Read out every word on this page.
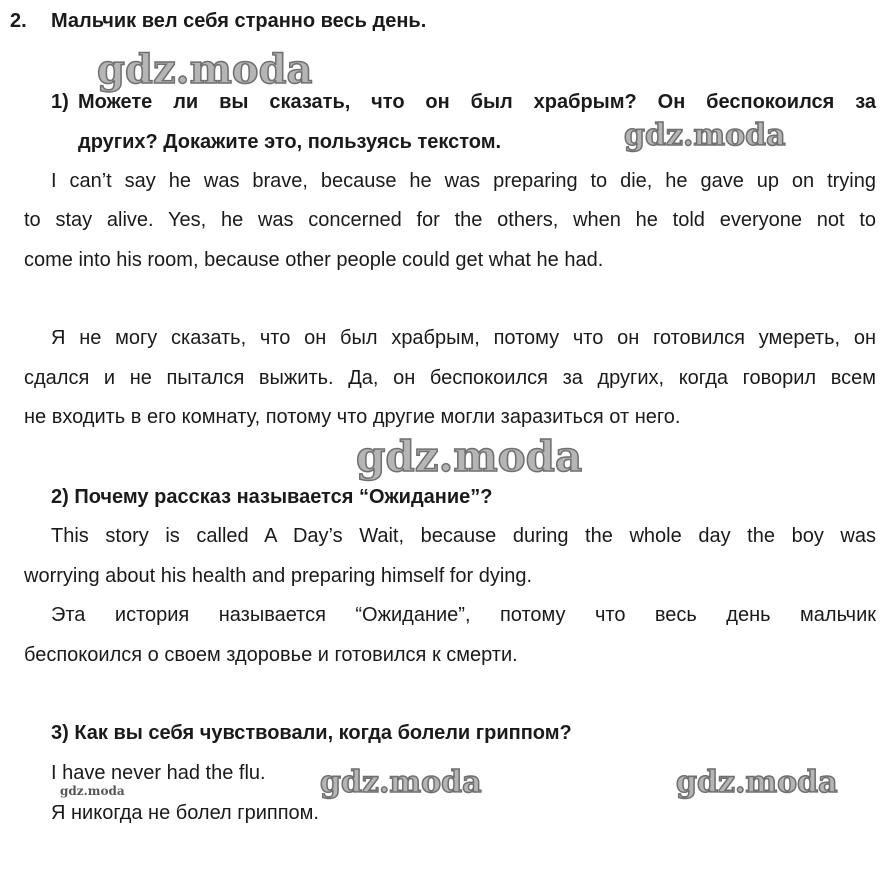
2.	Мальчик вел себя странно весь день.
gdz.moda
gdz.moda
gdz.moda
gdz.moda	gdz.moda
gdz.moda
1) Можете ли вы сказать, что он был храбрым? Он беспокоился за
других? Докажите это, пользуясь текстом.
I can’t say he was brave, because he was preparing to die, he gave up on trying
to stay alive. Yes, he was concerned for the others, when he told everyone not to
come into his room, because other people could get what he had.
Я не могу сказать, что он был храбрым, потому что он готовился умереть, он
сдался и не пытался выжить. Да, он беспокоился за других, когда говорил всем
не входить в его комнату, потому что другие могли заразиться от него.
2) Почему рассказ называется “Ожидание”?
This story is called A Day’s Wait, because during the whole day the boy was
worrying about his health and preparing himself for dying.
Эта история называется “Ожидание”, потому что весь день мальчик
беспокоился о своем здоровье и готовился к смерти.
3) Как вы себя чувствовали, когда болели гриппом?
I have never had the flu.
Я никогда не болел гриппом.
